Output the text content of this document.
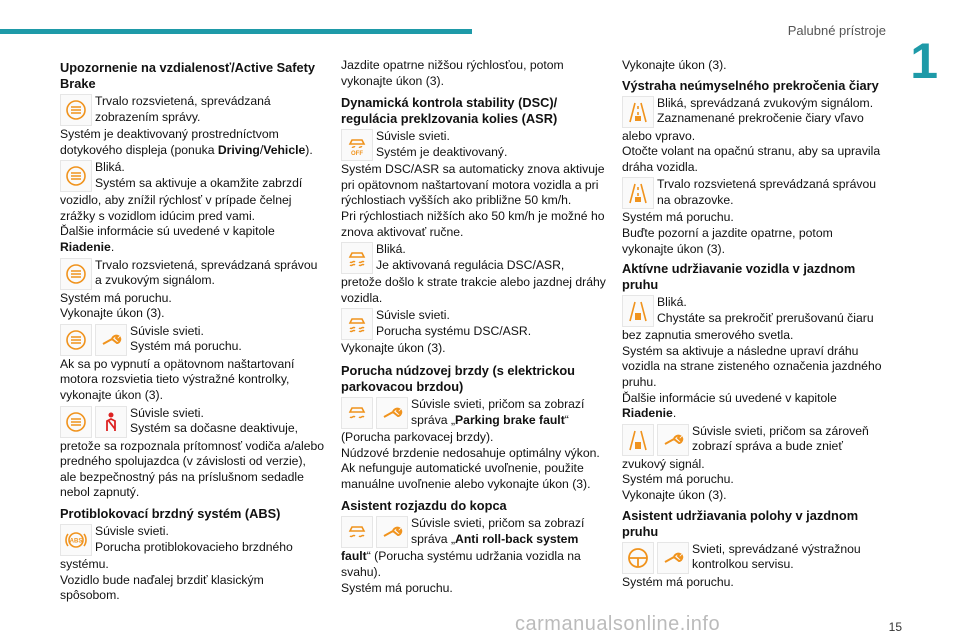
Palubné prístroje
1
Upozornenie na vzdialenosť/Active Safety Brake
Trvalo rozsvietená, sprevádzaná
zobrazením správy.
Systém je deaktivovaný prostredníctvom
dotykového displeja (ponuka Driving/Vehicle).
Bliká.
Systém sa aktivuje a okamžite zabrzdí
vozidlo, aby znížil rýchlosť v prípade čelnej
zrážky s vozidlom idúcim pred vami.
Ďalšie informácie sú uvedené v kapitole
Riadenie.
Trvalo rozsvietená, sprevádzaná správou
a zvukovým signálom.
Systém má poruchu.
Vykonajte úkon (3).
Súvisle svieti.
Systém má poruchu.
Ak sa po vypnutí a opätovnom naštartovaní
motora rozsvietia tieto výstražné kontrolky,
vykonajte úkon (3).
Súvisle svieti.
Systém sa dočasne deaktivuje,
pretože sa rozpoznala prítomnosť vodiča a/alebo
predného spolujazdca (v závislosti od verzie),
ale bezpečnostný pás na príslušnom sedadle
nebol zapnutý.
Protiblokovací brzdný systém (ABS)
ABS
Súvisle svieti.
Porucha protiblokovacieho brzdného
systému.
Vozidlo bude naďalej brzdiť klasickým
spôsobom.
Jazdite opatrne nižšou rýchlosťou, potom
vykonajte úkon (3).
Dynamická kontrola stability (DSC)/ regulácia preklzovania kolies (ASR)
OFF
Súvisle svieti.
Systém je deaktivovaný.
Systém DSC/ASR sa automaticky znova aktivuje
pri opätovnom naštartovaní motora vozidla a pri
rýchlostiach vyšších ako približne 50 km/h.
Pri rýchlostiach nižších ako 50 km/h je možné ho
znova aktivovať ručne.
Bliká.
Je aktivovaná regulácia DSC/ASR,
pretože došlo k strate trakcie alebo jazdnej dráhy
vozidla.
Súvisle svieti.
Porucha systému DSC/ASR.
Vykonajte úkon (3).
Porucha núdzovej brzdy (s elektrickou parkovacou brzdou)
Súvisle svieti, pričom sa zobrazí
správa „Parking brake fault“
(Porucha parkovacej brzdy).
Núdzové brzdenie nedosahuje optimálny výkon.
Ak nefunguje automatické uvoľnenie, použite
manuálne uvoľnenie alebo vykonajte úkon (3).
Asistent rozjazdu do kopca
Súvisle svieti, pričom sa zobrazí
správa „Anti roll-back system
fault“ (Porucha systému udržania vozidla na
svahu).
Systém má poruchu.
Vykonajte úkon (3).
Výstraha neúmyselného prekročenia čiary
Bliká, sprevádzaná zvukovým signálom.
Zaznamenané prekročenie čiary vľavo
alebo vpravo.
Otočte volant na opačnú stranu, aby sa upravila
dráha vozidla.
Trvalo rozsvietená sprevádzaná správou
na obrazovke.
Systém má poruchu.
Buďte pozorní a jazdite opatrne, potom
vykonajte úkon (3).
Aktívne udržiavanie vozidla v jazdnom pruhu
Bliká.
Chystáte sa prekročiť prerušovanú čiaru
bez zapnutia smerového svetla.
Systém sa aktivuje a následne upraví dráhu
vozidla na strane zisteného označenia jazdného
pruhu.
Ďalšie informácie sú uvedené v kapitole
Riadenie.
Súvisle svieti, pričom sa zároveň
zobrazí správa a bude znieť
zvukový signál.
Systém má poruchu.
Vykonajte úkon (3).
Asistent udržiavania polohy v jazdnom pruhu
Svieti, sprevádzané výstražnou
kontrolkou servisu.
Systém má poruchu.
carmanualsonline.info	15
